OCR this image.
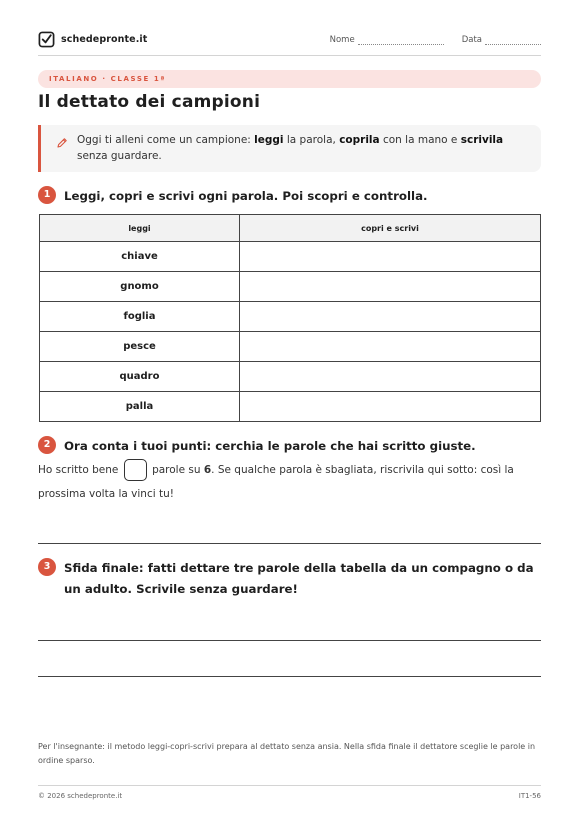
schedepronte.it	Nome	Data
ITALIANO · CLASSE 1ª
Il dettato dei campioni
Oggi ti alleni come un campione: leggi la parola, coprila con la mano e scrivila senza guardare.
1	Leggi, copri e scrivi ogni parola. Poi scopri e controlla.
leggi	copri e scrivi
chiave	
gnomo	
foglia	
pesce	
quadro	
palla	
2	Ora conta i tuoi punti: cerchia le parole che hai scritto giuste.
Ho scritto bene	parole su 6. Se qualche parola è sbagliata, riscrivila qui sotto: così la prossima volta la vinci tu!
3	Sfida finale: fatti dettare tre parole della tabella da un compagno o da un adulto. Scrivile senza guardare!
Per l'insegnante: il metodo leggi-copri-scrivi prepara al dettato senza ansia. Nella sfida finale il dettatore sceglie le parole in ordine sparso.
© 2026 schedepronte.it	IT1-56
